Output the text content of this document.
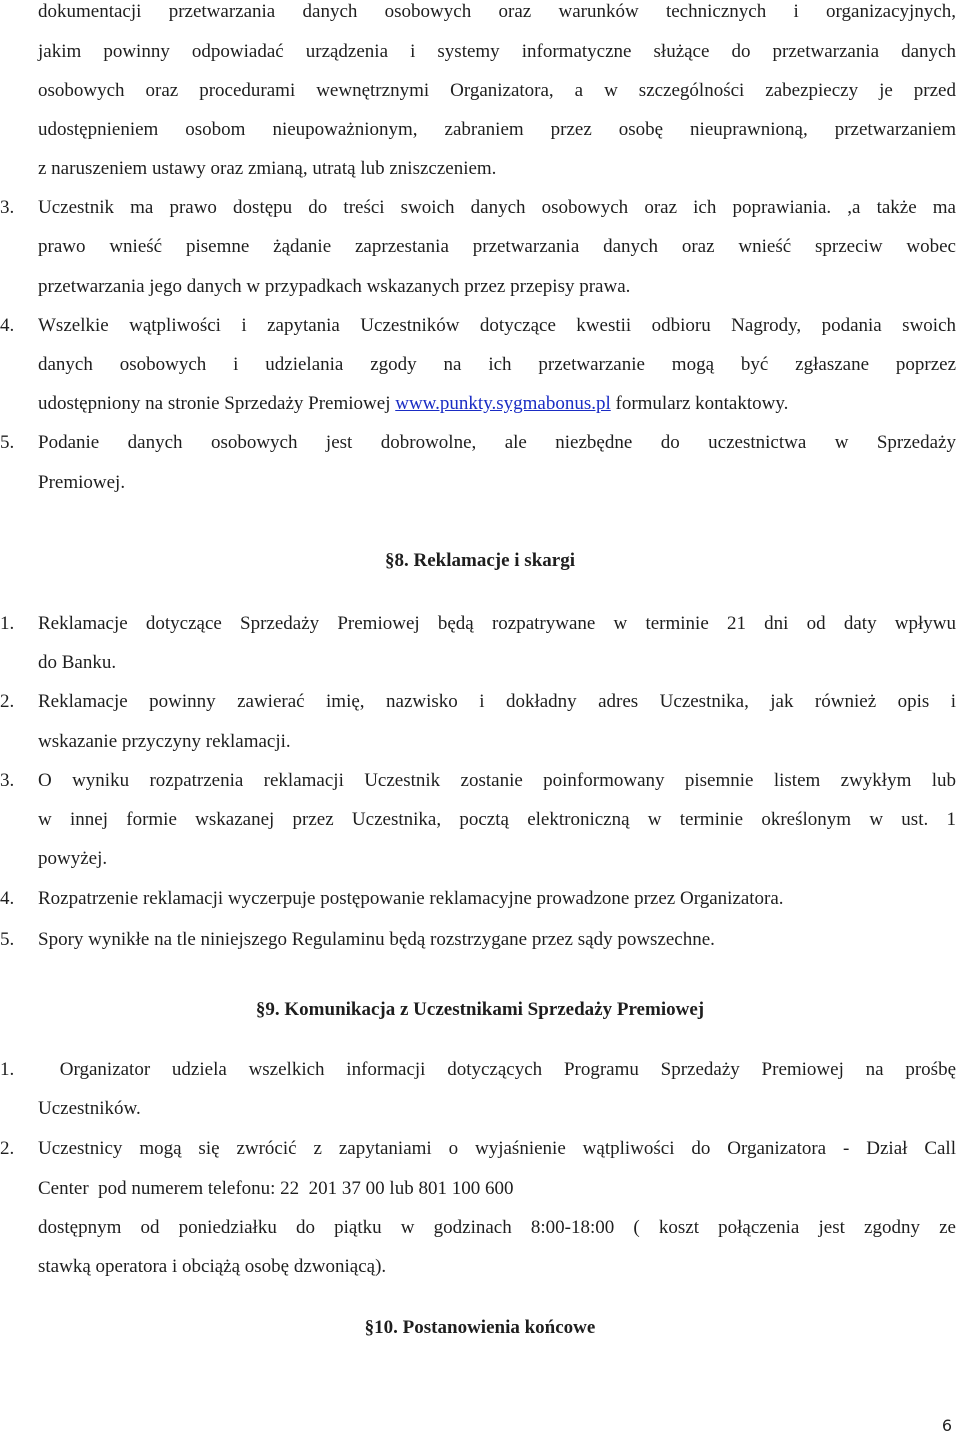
dokumentacji przetwarzania danych osobowych oraz warunków technicznych i organizacyjnych,
jakim powinny odpowiadać urządzenia i systemy informatyczne służące do przetwarzania danych
osobowych oraz procedurami wewnętrznymi Organizatora, a w szczególności zabezpieczy je przed
udostępnieniem osobom nieupoważnionym, zabraniem przez osobę nieuprawnioną, przetwarzaniem
z naruszeniem ustawy oraz zmianą, utratą lub zniszczeniem.
3. Uczestnik ma prawo dostępu do treści swoich danych osobowych oraz ich poprawiania. ,a także ma
prawo wnieść pisemne żądanie zaprzestania przetwarzania danych oraz wnieść sprzeciw wobec
przetwarzania jego danych w przypadkach wskazanych przez przepisy prawa.
4. Wszelkie wątpliwości i zapytania Uczestników dotyczące kwestii odbioru Nagrody, podania swoich
danych osobowych i udzielania zgody na ich przetwarzanie mogą być zgłaszane poprzez
udostępniony na stronie Sprzedaży Premiowej www.punkty.sygmabonus.pl formularz kontaktowy.
5. Podanie danych osobowych jest dobrowolne, ale niezbędne do uczestnictwa w Sprzedaży
Premiowej.
§8. Reklamacje i skargi
1. Reklamacje dotyczące Sprzedaży Premiowej będą rozpatrywane w terminie 21 dni od daty wpływu
do Banku.
2. Reklamacje powinny zawierać imię, nazwisko i dokładny adres Uczestnika, jak również opis i
wskazanie przyczyny reklamacji.
3. O wyniku rozpatrzenia reklamacji Uczestnik zostanie poinformowany pisemnie listem zwykłym lub
w innej formie wskazanej przez Uczestnika, pocztą elektroniczną w terminie określonym w ust. 1
powyżej.
4. Rozpatrzenie reklamacji wyczerpuje postępowanie reklamacyjne prowadzone przez Organizatora.
5. Spory wynikłe na tle niniejszego Regulaminu będą rozstrzygane przez sądy powszechne.
§9. Komunikacja z Uczestnikami Sprzedaży Premiowej
1. Organizator udziela wszelkich informacji dotyczących Programu Sprzedaży Premiowej na prośbę
Uczestników.
2. Uczestnicy mogą się zwrócić z zapytaniami o wyjaśnienie wątpliwości do Organizatora - Dział Call
Center  pod numerem telefonu: 22  201 37 00 lub 801 100 600
dostępnym od poniedziałku do piątku w godzinach 8:00-18:00 ( koszt połączenia jest zgodny ze
stawką operatora i obciążą osobę dzwoniącą).
§10. Postanowienia końcowe
6
